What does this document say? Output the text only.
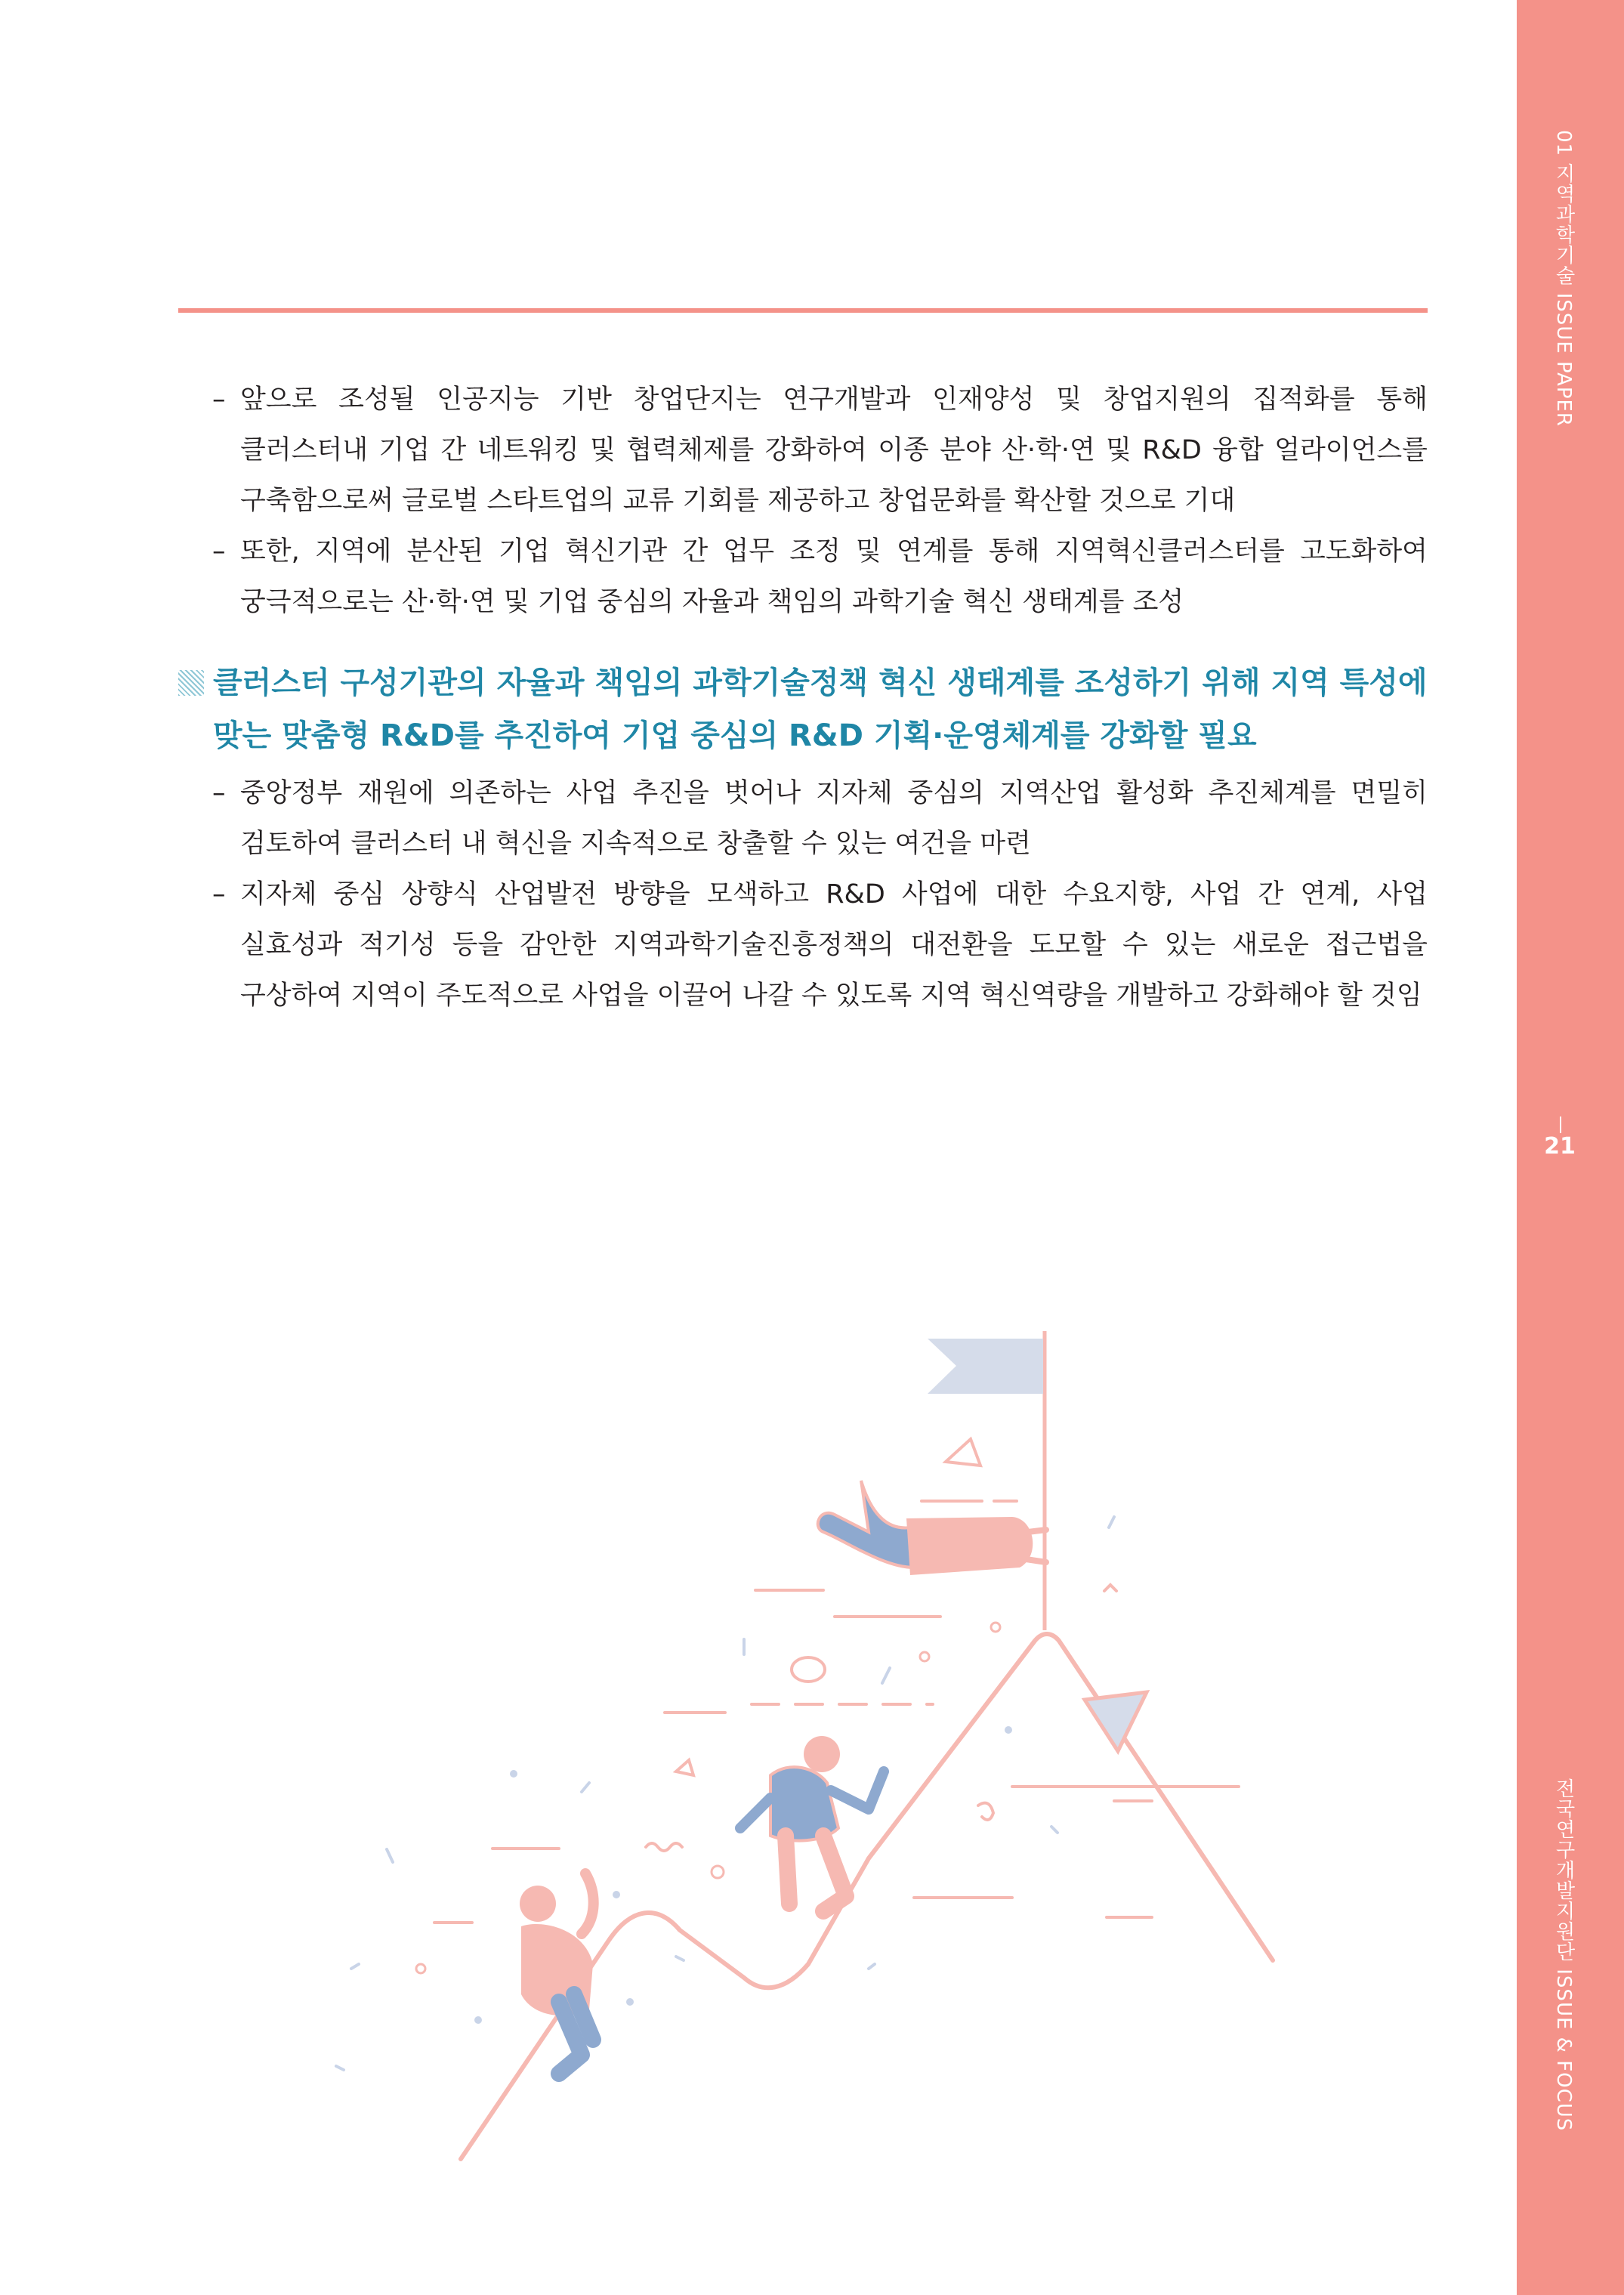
01 지역과학기술 ISSUE PAPER
21
전국연구개발지원단 ISSUE & FOCUS

– 앞으로 조성될 인공지능 기반 창업단지는 연구개발과 인재양성 및 창업지원의 집적화를 통해 클러스터내 기업 간 네트워킹 및 협력체제를 강화하여 이종 분야 산·학·연 및 R&D 융합 얼라이언스를 구축함으로써 글로벌 스타트업의 교류 기회를 제공하고 창업문화를 확산할 것으로 기대

– 또한, 지역에 분산된 기업 혁신기관 간 업무 조정 및 연계를 통해 지역혁신클러스터를 고도화하여 궁극적으로는 산·학·연 및 기업 중심의 자율과 책임의 과학기술 혁신 생태계를 조성

클러스터 구성기관의 자율과 책임의 과학기술정책 혁신 생태계를 조성하기 위해 지역 특성에 맞는 맞춤형 R&D를 추진하여 기업 중심의 R&D 기획·운영체계를 강화할 필요

– 중앙정부 재원에 의존하는 사업 추진을 벗어나 지자체 중심의 지역산업 활성화 추진체계를 면밀히 검토하여 클러스터 내 혁신을 지속적으로 창출할 수 있는 여건을 마련

– 지자체 중심 상향식 산업발전 방향을 모색하고 R&D 사업에 대한 수요지향, 사업 간 연계, 사업 실효성과 적기성 등을 감안한 지역과학기술진흥정책의 대전환을 도모할 수 있는 새로운 접근법을 구상하여 지역이 주도적으로 사업을 이끌어 나갈 수 있도록 지역 혁신역량을 개발하고 강화해야 할 것임
